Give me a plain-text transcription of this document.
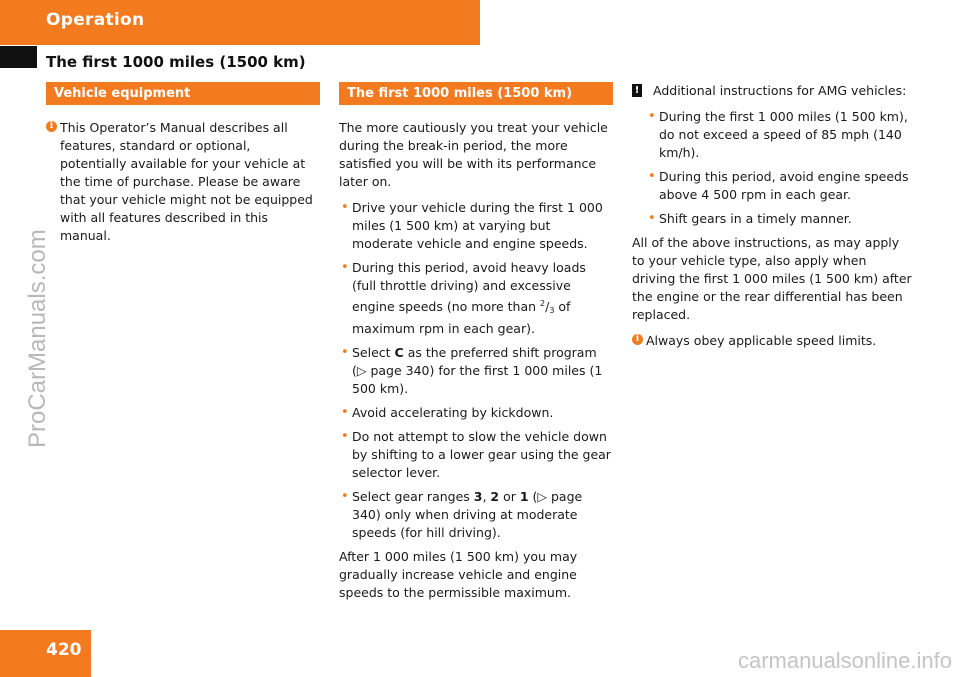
Operation
The first 1000 miles (1500 km)
ProCarManuals.com
Vehicle equipment
i This Operator’s Manual describes all features, standard or optional, potentially available for your vehicle at the time of purchase. Please be aware that your vehicle might not be equipped with all features described in this manual.
The first 1000 miles (1500 km)

The more cautiously you treat your vehicle during the break-in period, the more satisfied you will be with its performance later on.

• Drive your vehicle during the first 1 000 miles (1 500 km) at varying but moderate vehicle and engine speeds.
• During this period, avoid heavy loads (full throttle driving) and excessive engine speeds (no more than $^2/_3$ of maximum rpm in each gear).
• Select C as the preferred shift program (▷ page 340) for the first 1 000 miles (1 500 km).
• Avoid accelerating by kickdown.
• Do not attempt to slow the vehicle down by shifting to a lower gear using the gear selector lever.
• Select gear ranges 3, 2 or 1 (▷ page 340) only when driving at moderate speeds (for hill driving).

After 1 000 miles (1 500 km) you may gradually increase vehicle and engine speeds to the permissible maximum.

! Additional instructions for AMG vehicles:
• During the first 1 000 miles (1 500 km), do not exceed a speed of 85 mph (140 km/h).
• During this period, avoid engine speeds above 4 500 rpm in each gear.
• Shift gears in a timely manner.

All of the above instructions, as may apply to your vehicle type, also apply when driving the first 1 000 miles (1 500 km) after the engine or the rear differential has been replaced.

i Always obey applicable speed limits.
420	carmanualsonline.info
